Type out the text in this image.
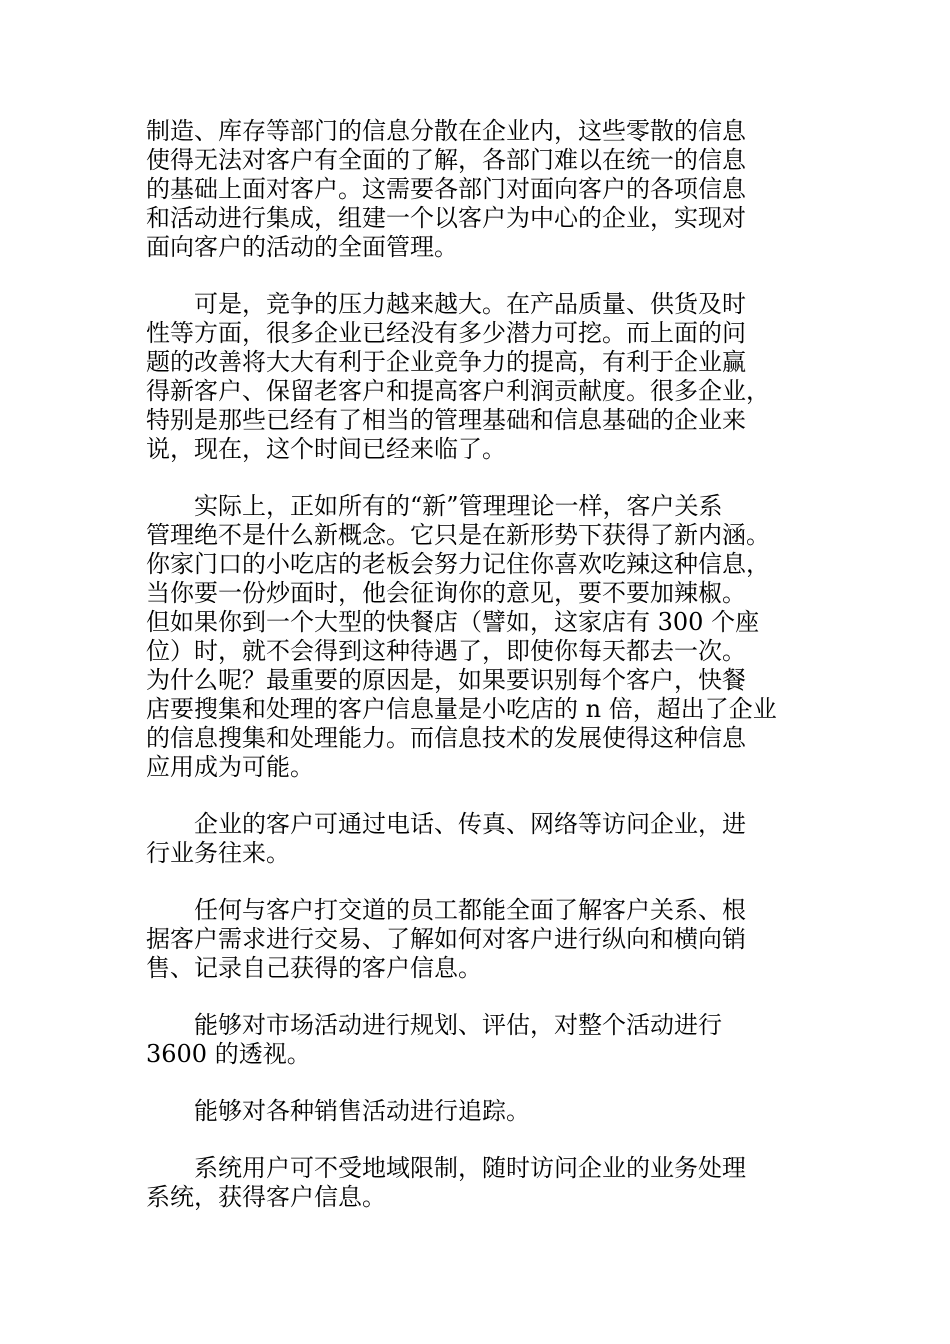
制造、库存等部门的信息分散在企业内，这些零散的信息
使得无法对客户有全面的了解，各部门难以在统一的信息
的基础上面对客户。这需要各部门对面向客户的各项信息
和活动进行集成，组建一个以客户为中心的企业，实现对
面向客户的活动的全面管理。

　　可是，竞争的压力越来越大。在产品质量、供货及时
性等方面，很多企业已经没有多少潜力可挖。而上面的问
题的改善将大大有利于企业竞争力的提高，有利于企业赢
得新客户、保留老客户和提高客户利润贡献度。很多企业，
特别是那些已经有了相当的管理基础和信息基础的企业来
说，现在，这个时间已经来临了。

　　实际上，正如所有的“新”管理理论一样，客户关系
管理绝不是什么新概念。它只是在新形势下获得了新内涵。
你家门口的小吃店的老板会努力记住你喜欢吃辣这种信息，
当你要一份炒面时，他会征询你的意见，要不要加辣椒。
但如果你到一个大型的快餐店（譬如，这家店有 300 个座
位）时，就不会得到这种待遇了，即使你每天都去一次。
为什么呢？最重要的原因是，如果要识别每个客户，快餐
店要搜集和处理的客户信息量是小吃店的 n 倍，超出了企业
的信息搜集和处理能力。而信息技术的发展使得这种信息
应用成为可能。

　　企业的客户可通过电话、传真、网络等访问企业，进
行业务往来。

　　任何与客户打交道的员工都能全面了解客户关系、根
据客户需求进行交易、了解如何对客户进行纵向和横向销
售、记录自己获得的客户信息。

　　能够对市场活动进行规划、评估，对整个活动进行
3600 的透视。

　　能够对各种销售活动进行追踪。

　　系统用户可不受地域限制，随时访问企业的业务处理
系统，获得客户信息。
